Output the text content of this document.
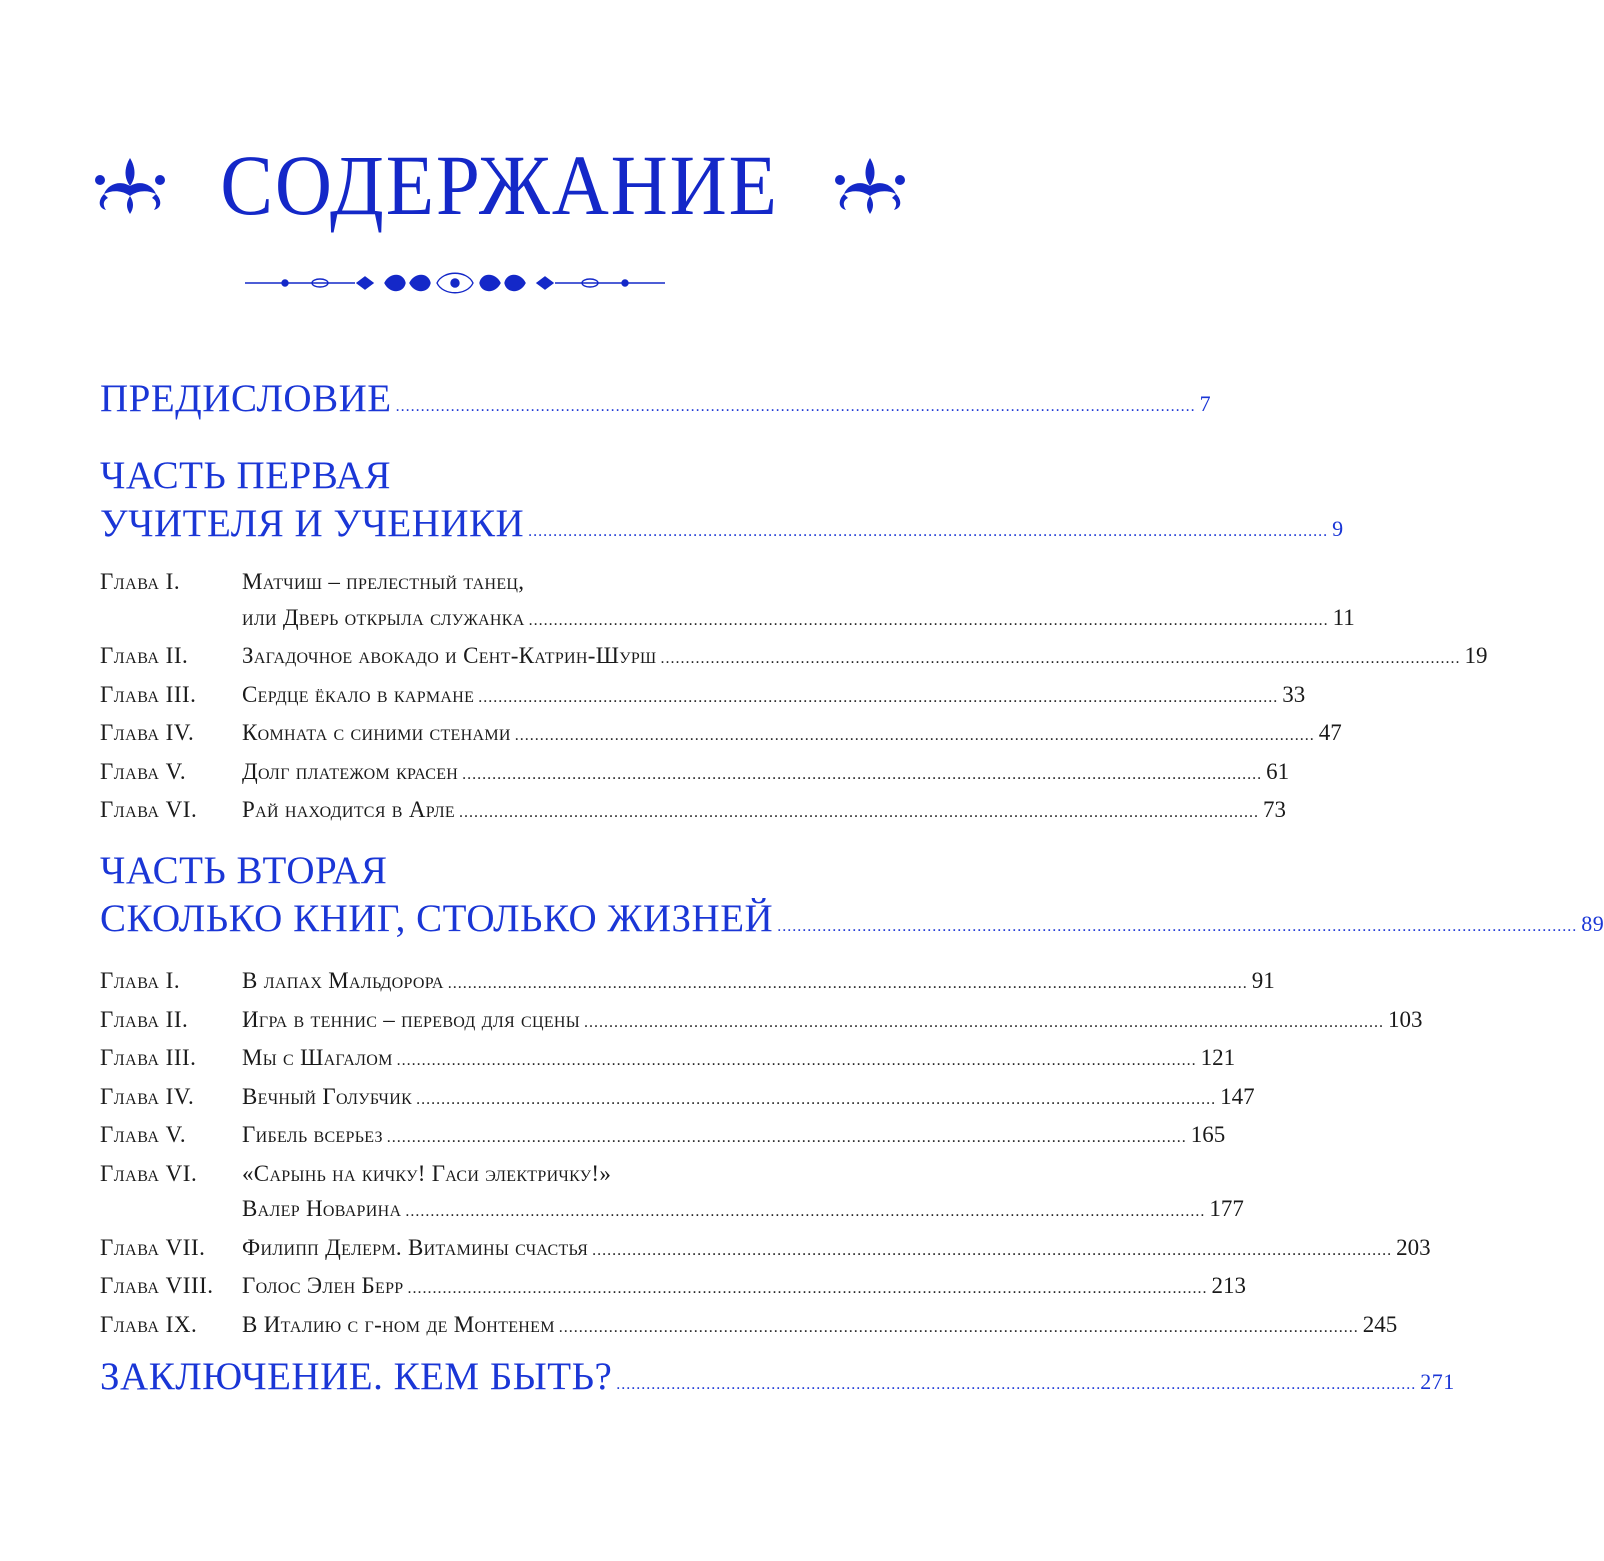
СОДЕРЖАНИЕ
ПРЕДИСЛОВИЕ .....	7
ЧАСТЬ ПЕРВАЯ
УЧИТЕЛЯ И УЧЕНИКИ .....	9
Глава I.	Матчиш – прелестный танец,
или Дверь открыла служанка .....	11
Глава II.	Загадочное авокадо и Сент-Катрин-Шурш .....	19
Глава III.	Сердце ёкало в кармане .....	33
Глава IV.	Комната с синими стенами .....	47
Глава V.	Долг платежом красен .....	61
Глава VI.	Рай находится в Арле .....	73
ЧАСТЬ ВТОРАЯ
СКОЛЬКО КНИГ, СТОЛЬКО ЖИЗНЕЙ .....	89
Глава I.	В лапах Мальдорора .....	91
Глава II.	Игра в теннис – перевод для сцены .....	103
Глава III.	Мы с Шагалом .....	121
Глава IV.	Вечный Голубчик .....	147
Глава V.	Гибель всерьез .....	165
Глава VI.	«Сарынь на кичку! Гаси электричку!»
Валер Новарина .....	177
Глава VII.	Филипп Делерм. Витамины счастья .....	203
Глава VIII.	Голос Элен Берр .....	213
Глава IX.	В Италию с г-ном де Монтенем .....	245
ЗАКЛЮЧЕНИЕ. КЕМ БЫТЬ? .....	271
